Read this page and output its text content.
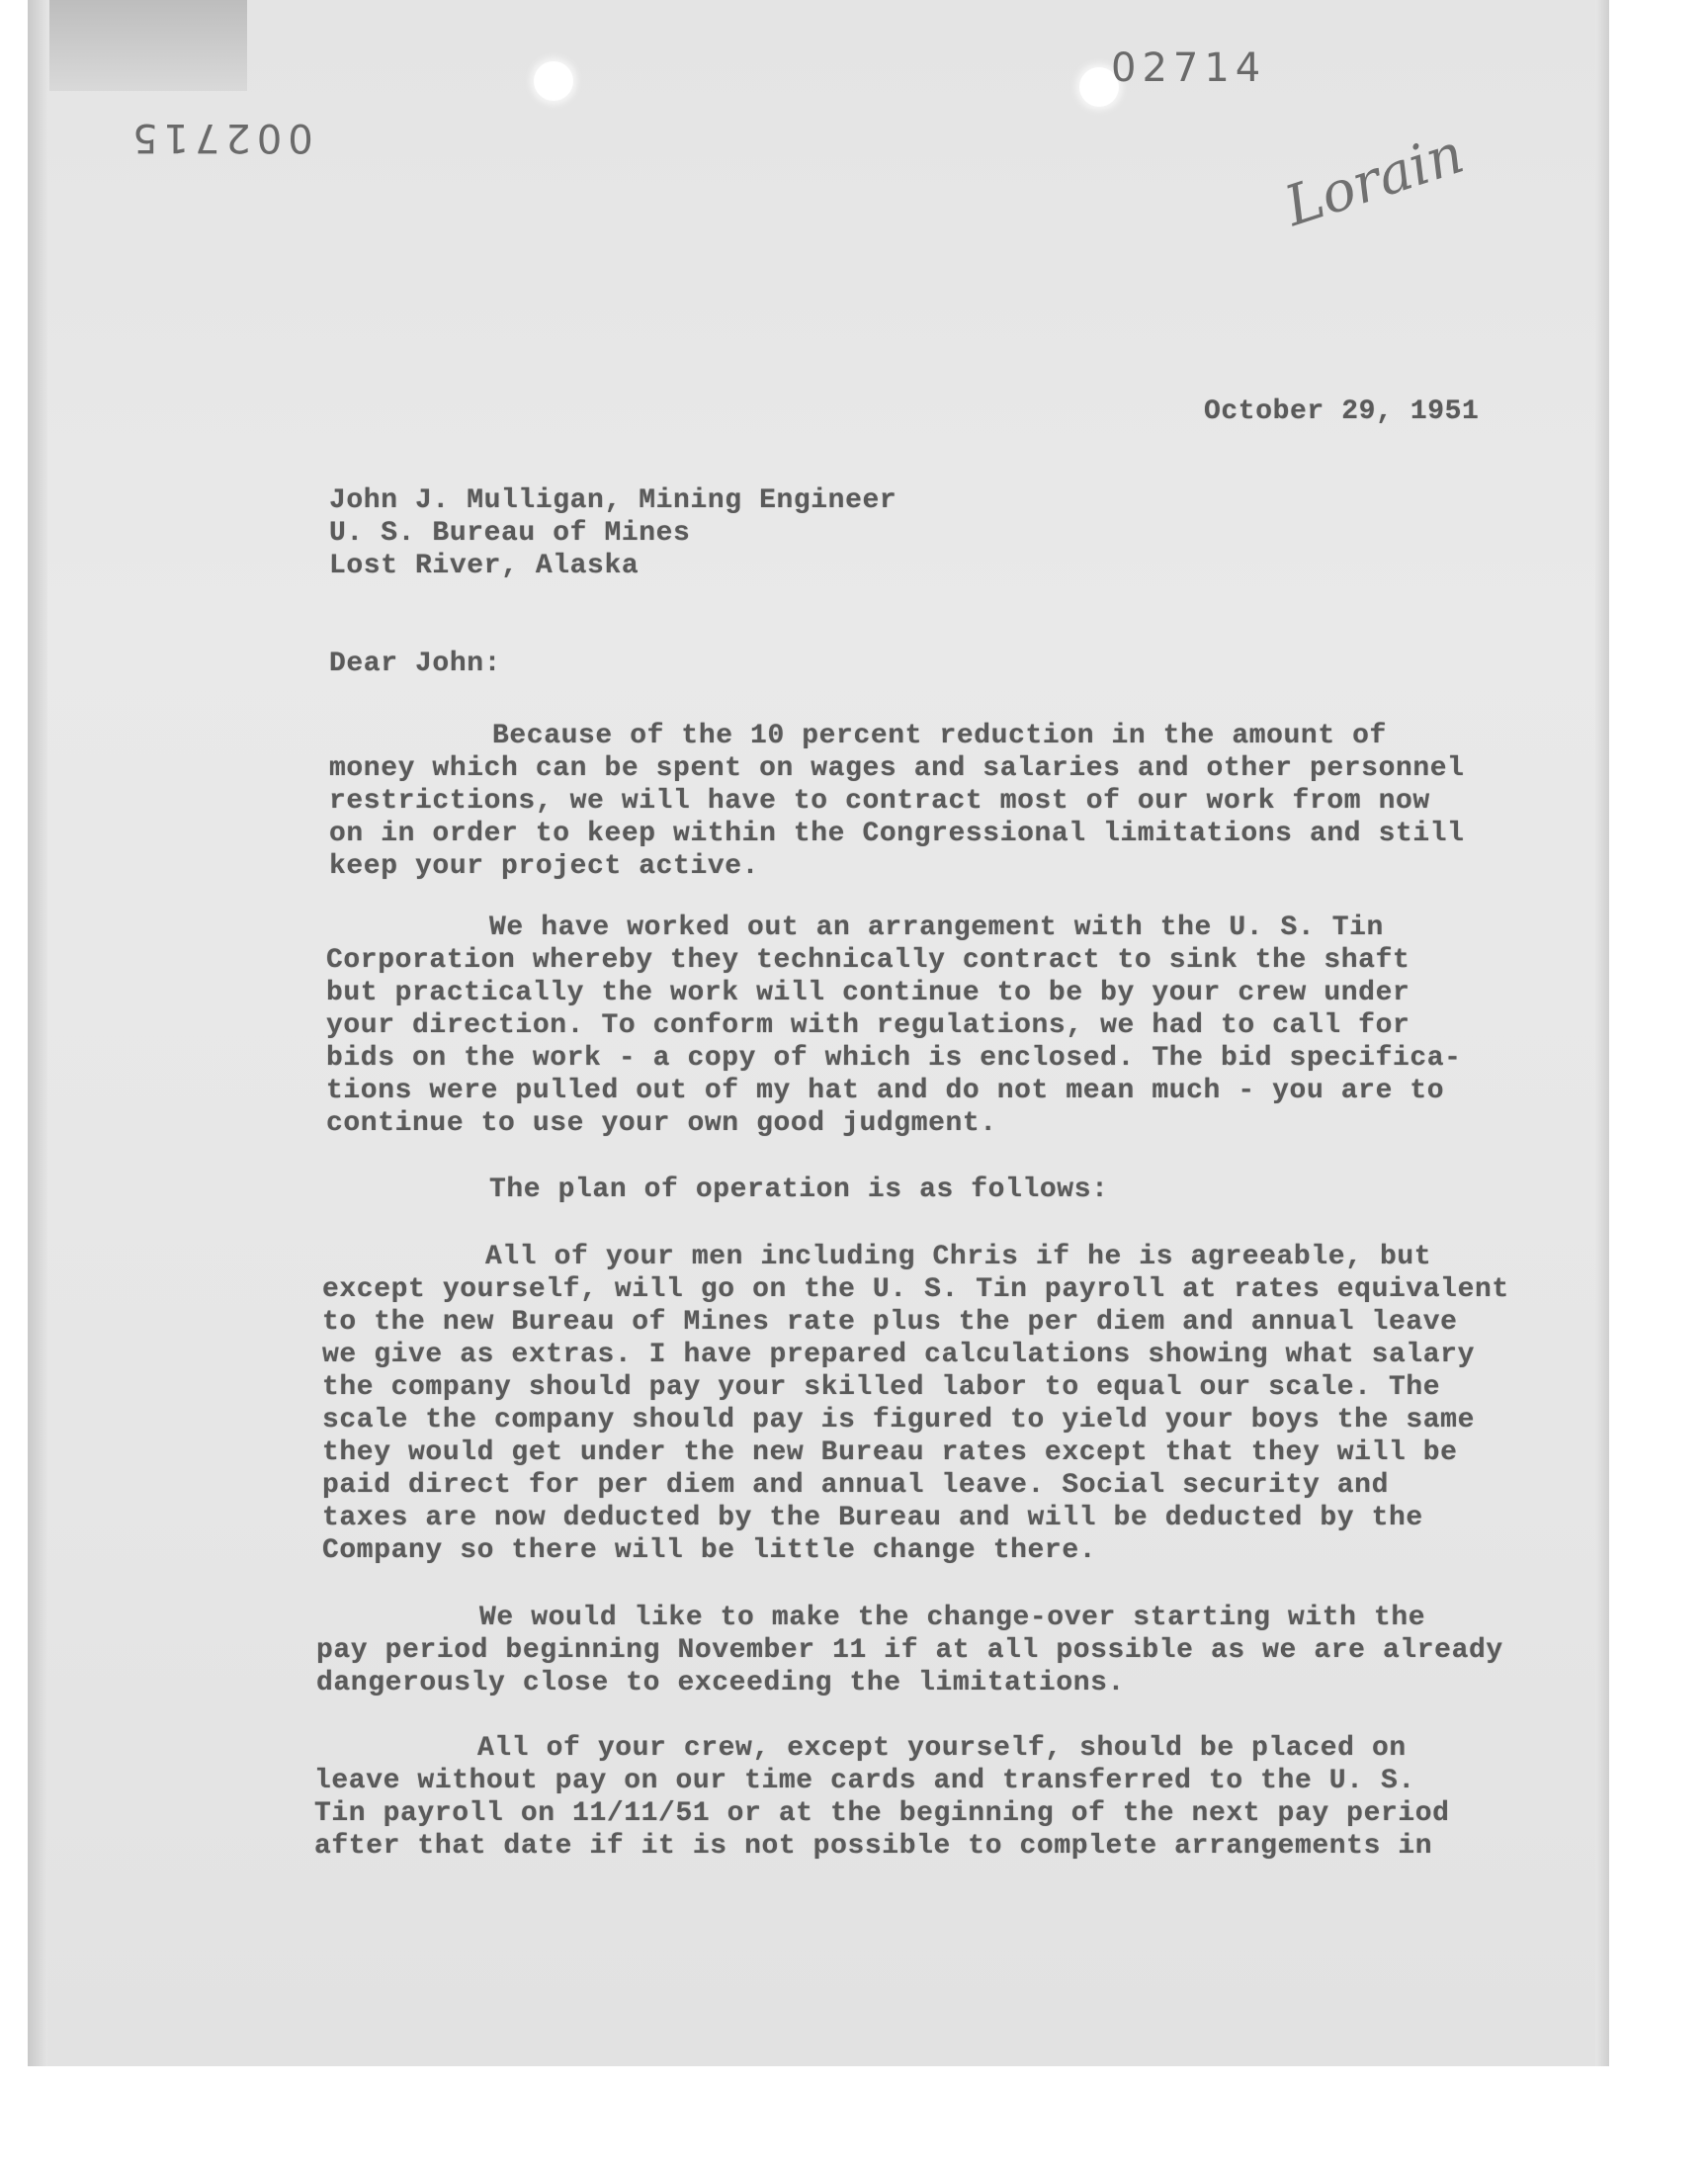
02714
002715	Lorain
October 29, 1951
John J. Mulligan, Mining Engineer
U. S. Bureau of Mines
Lost River, Alaska
Dear John:
Because of the 10 percent reduction in the amount of
money which can be spent on wages and salaries and other personnel
restrictions, we will have to contract most of our work from now
on in order to keep within the Congressional limitations and still
keep your project active.
We have worked out an arrangement with the U. S. Tin
Corporation whereby they technically contract to sink the shaft
but practically the work will continue to be by your crew under
your direction. To conform with regulations, we had to call for
bids on the work - a copy of which is enclosed. The bid specifica-
tions were pulled out of my hat and do not mean much - you are to
continue to use your own good judgment.
The plan of operation is as follows:
All of your men including Chris if he is agreeable, but
except yourself, will go on the U. S. Tin payroll at rates equivalent
to the new Bureau of Mines rate plus the per diem and annual leave
we give as extras. I have prepared calculations showing what salary
the company should pay your skilled labor to equal our scale. The
scale the company should pay is figured to yield your boys the same
they would get under the new Bureau rates except that they will be
paid direct for per diem and annual leave. Social security and
taxes are now deducted by the Bureau and will be deducted by the
Company so there will be little change there.
We would like to make the change-over starting with the
pay period beginning November 11 if at all possible as we are already
dangerously close to exceeding the limitations.
All of your crew, except yourself, should be placed on
leave without pay on our time cards and transferred to the U. S.
Tin payroll on 11/11/51 or at the beginning of the next pay period
after that date if it is not possible to complete arrangements in
